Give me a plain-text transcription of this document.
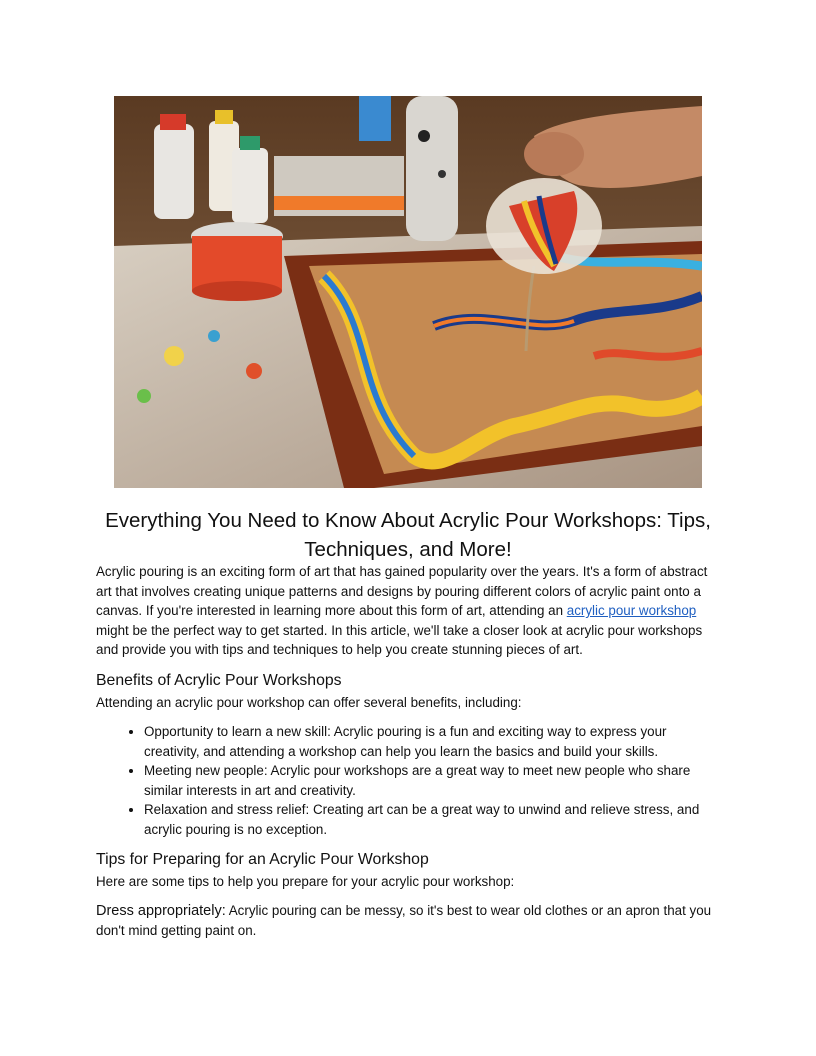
Everything You Need to Know About Acrylic Pour Workshops: Tips, Techniques, and More!

Acrylic pouring is an exciting form of art that has gained popularity over the years. It's a form of abstract art that involves creating unique patterns and designs by pouring different colors of acrylic paint onto a canvas. If you're interested in learning more about this form of art, attending an acrylic pour workshop might be the perfect way to get started. In this article, we'll take a closer look at acrylic pour workshops and provide you with tips and techniques to help you create stunning pieces of art.

Benefits of Acrylic Pour Workshops

Attending an acrylic pour workshop can offer several benefits, including:

• Opportunity to learn a new skill: Acrylic pouring is a fun and exciting way to express your creativity, and attending a workshop can help you learn the basics and build your skills.
• Meeting new people: Acrylic pour workshops are a great way to meet new people who share similar interests in art and creativity.
• Relaxation and stress relief: Creating art can be a great way to unwind and relieve stress, and acrylic pouring is no exception.
Tips for Preparing for an Acrylic Pour Workshop

Here are some tips to help you prepare for your acrylic pour workshop:

Dress appropriately: Acrylic pouring can be messy, so it's best to wear old clothes or an apron that you don't mind getting paint on.
